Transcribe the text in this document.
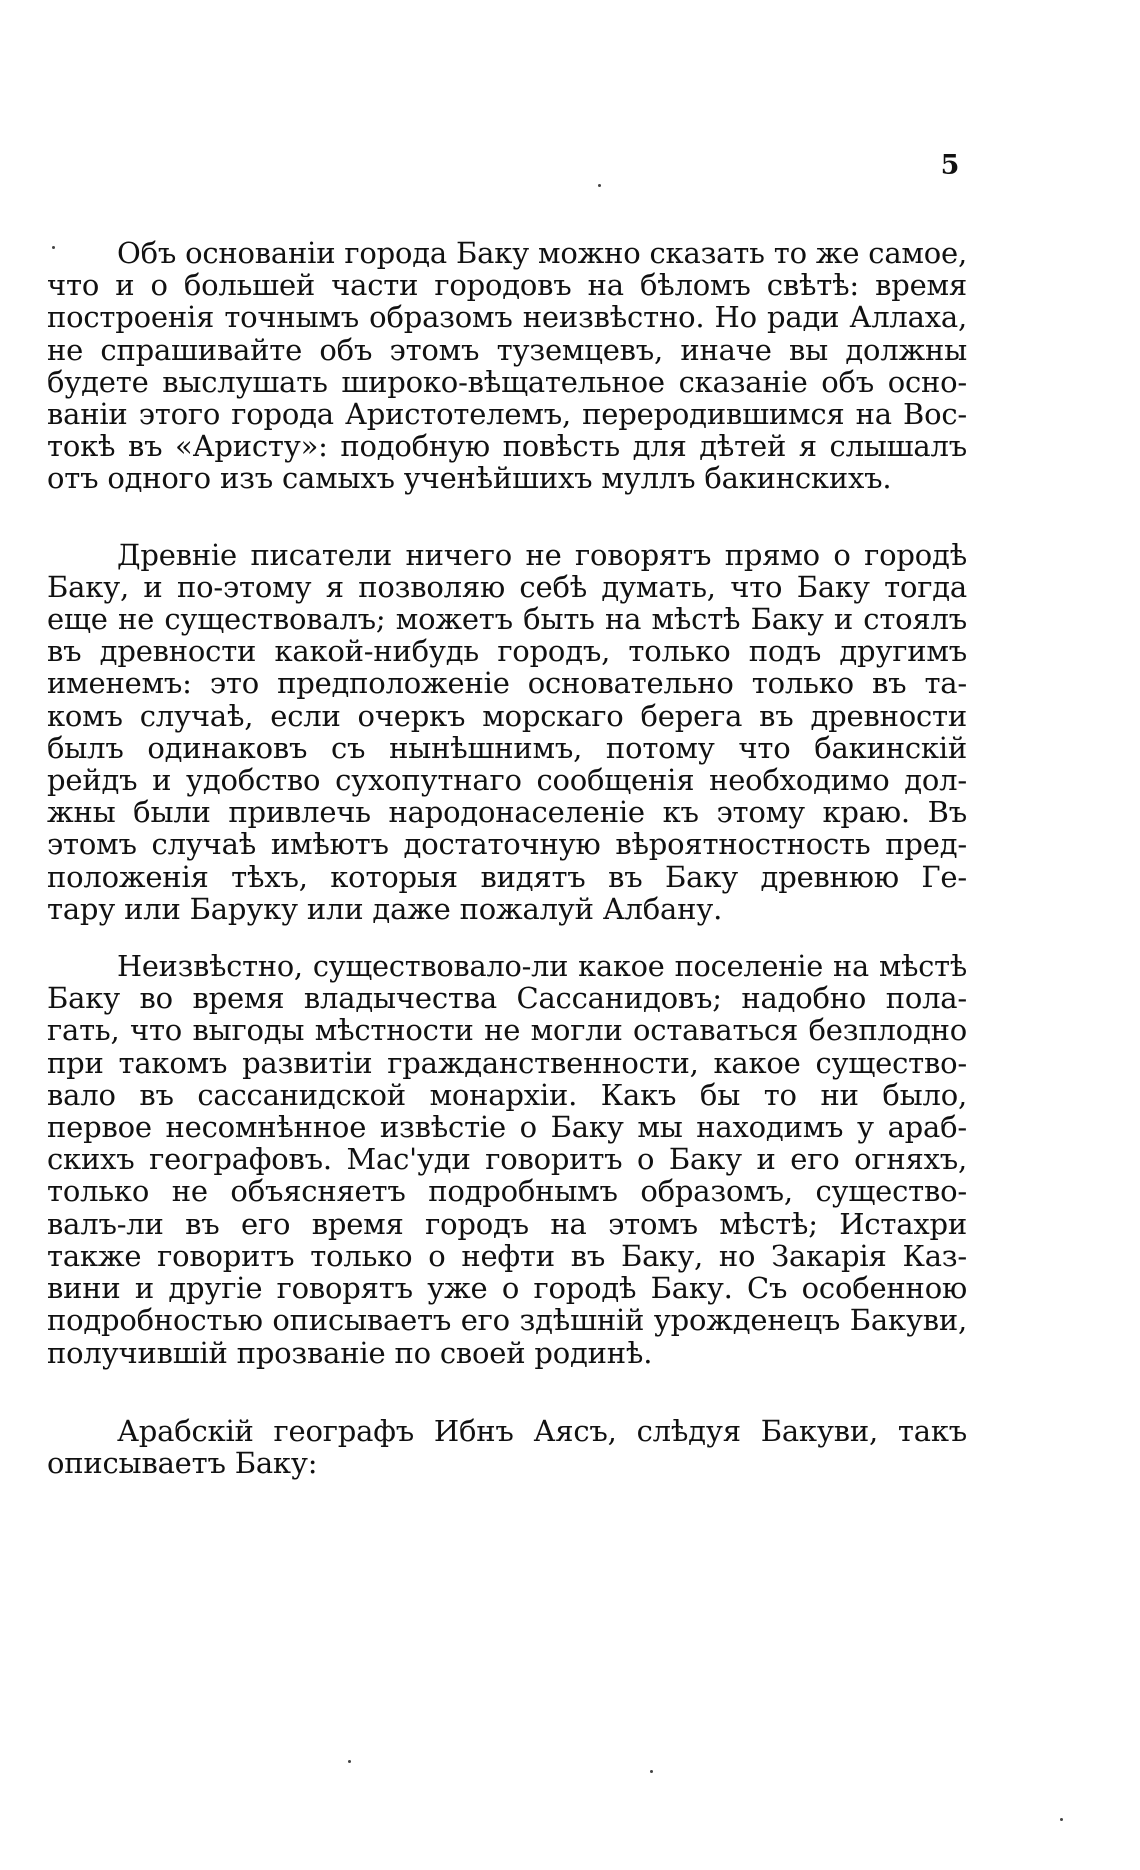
5

Объ основаніи города Баку можно сказать то же самое,
что и о большей части городовъ на бѣломъ свѣтѣ: время
построенія точнымъ образомъ неизвѣстно. Но ради Аллаха,
не спрашивайте объ этомъ туземцевъ, иначе вы должны
будете выслушать широко-вѣщательное сказаніе объ осно-
ваніи этого города Аристотелемъ, переродившимся на Вос-
токѣ въ «Аристу»: подобную повѣсть для дѣтей я слышалъ
отъ одного изъ самыхъ ученѣйшихъ муллъ бакинскихъ.
Древніе писатели ничего не говорятъ прямо о городѣ
Баку, и по-этому я позволяю себѣ думать, что Баку тогда
еще не существовалъ; можетъ быть на мѣстѣ Баку и стоялъ
въ древности какой-нибудь городъ, только подъ другимъ
именемъ: это предположеніе основательно только въ та-
комъ случаѣ, если очеркъ морскаго берега въ древности
былъ одинаковъ съ нынѣшнимъ, потому что бакинскій
рейдъ и удобство сухопутнаго сообщенія необходимо дол-
жны были привлечь народонаселеніе къ этому краю. Въ
этомъ случаѣ имѣютъ достаточную вѣроятностность пред-
положенія тѣхъ, которыя видятъ въ Баку древнюю Ге-
тару или Баруку или даже пожалуй Албану.
Неизвѣстно, существовало-ли какое поселеніе на мѣстѣ
Баку во время владычества Сассанидовъ; надобно пола-
гать, что выгоды мѣстности не могли оставаться безплодно
при такомъ развитіи гражданственности, какое существо-
вало въ сассанидской монархіи. Какъ бы то ни было,
первое несомнѣнное извѣстіе о Баку мы находимъ у араб-
скихъ географовъ. Мас'уди говоритъ о Баку и его огняхъ,
только не объясняетъ подробнымъ образомъ, существо-
валъ-ли въ его время городъ на этомъ мѣстѣ; Истахри
также говоритъ только о нефти въ Баку, но Закарія Каз-
вини и другіе говорятъ уже о городѣ Баку. Съ особенною
подробностью описываетъ его здѣшній урожденецъ Бакуви,
получившій прозваніе по своей родинѣ.
Арабскій географъ Ибнъ Аясъ, слѣдуя Бакуви, такъ
описываетъ Баку:
